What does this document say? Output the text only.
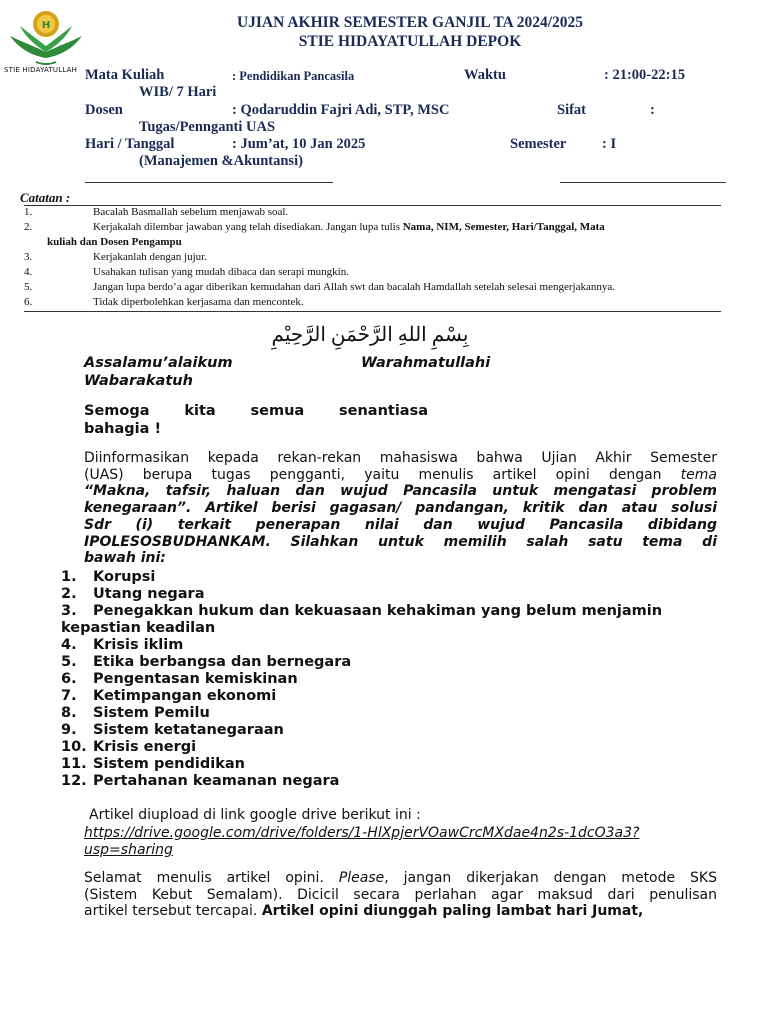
H
STIE HIDAYATULLAH
UJIAN AKHIR SEMESTER GANJIL TA 2024/2025
STIE HIDAYATULLAH DEPOK
Mata Kuliah	: Pendidikan Pancasila	Waktu	: 21:00-22:15
WIB/ 7 Hari
Dosen	: Qodaruddin Fajri Adi, STP, MSC	Sifat	:
Tugas/Pennganti UAS
Hari / Tanggal	: Jum’at, 10 Jan 2025	Semester : I
(Manajemen &Akuntansi)
Catatan :
1.	Bacalah Basmallah sebelum menjawab soal.
2.	Kerjakalah dilembar jawaban yang telah disediakan. Jangan lupa tulis Nama, NIM, Semester, Hari/Tanggal, Mata
kuliah dan Dosen Pengampu
3.	Kerjakanlah dengan jujur.
4.	Usahakan tulisan yang mudah dibaca dan serapi mungkin.
5.	Jangan lupa berdo’a agar diberikan kemudahan dari Allah swt dan bacalah Hamdallah setelah selesai mengerjakannya.
6.	Tidak diperbolehkan kerjasama dan mencontek.
بِسْمِ اللهِ الرَّحْمَنِ الرَّحِيْمِ
Assalamu’alaikum	Warahmatullahi
Wabarakatuh
Semoga kita semua senantiasa
bahagia !
Diinformasikan kepada rekan-rekan mahasiswa bahwa Ujian Akhir Semester
(UAS) berupa tugas pengganti, yaitu menulis artikel opini dengan tema
“Makna, tafsir, haluan dan wujud Pancasila untuk mengatasi problem
kenegaraan”. Artikel berisi gagasan/ pandangan, kritik dan atau solusi
Sdr (i) terkait penerapan nilai dan wujud Pancasila dibidang
IPOLESOSBUDHANKAM. Silahkan untuk memilih salah satu tema di
bawah ini:
1. Korupsi
2. Utang negara
3. Penegakkan hukum dan kekuasaan kehakiman yang belum menjamin
kepastian keadilan
4. Krisis iklim
5. Etika berbangsa dan bernegara
6. Pengentasan kemiskinan
7. Ketimpangan ekonomi
8. Sistem Pemilu
9. Sistem ketatanegaraan
10. Krisis energi
11. Sistem pendidikan
12. Pertahanan keamanan negara
Artikel diupload di link google drive berikut ini :
https://drive.google.com/drive/folders/1-HlXpjerVOawCrcMXdae4n2s-1dcO3a3?
usp=sharing
Selamat menulis artikel opini. Please, jangan dikerjakan dengan metode SKS
(Sistem Kebut Semalam). Dicicil secara perlahan agar maksud dari penulisan
artikel tersebut tercapai. Artikel opini diunggah paling lambat hari Jumat,
